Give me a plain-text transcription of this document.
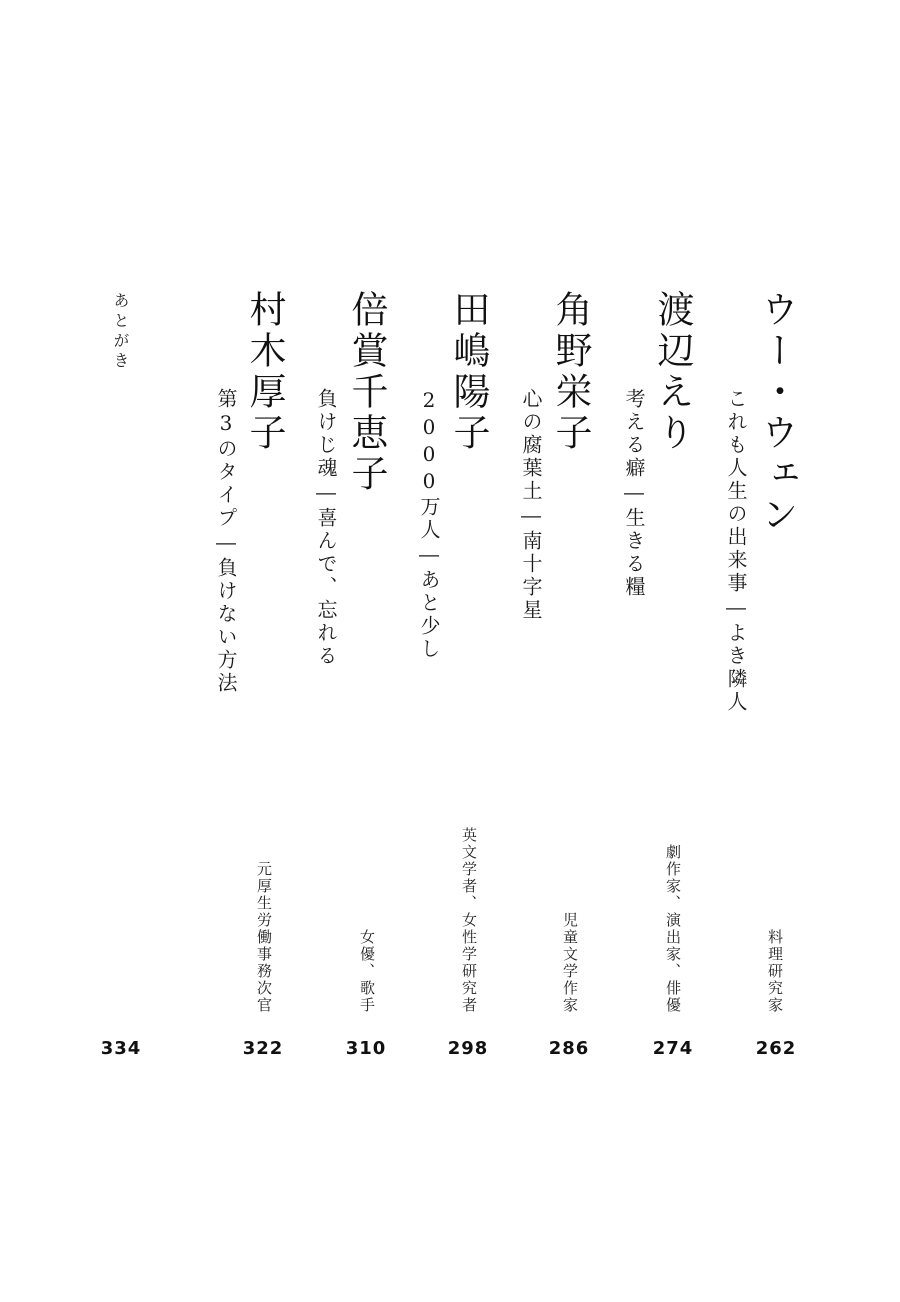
ウー・ウェン
これも人生の出来事―よき隣人
料理研究家
262
渡辺えり
考える癖―生きる糧
劇作家、演出家、俳優
274
角野栄子
心の腐葉土―南十字星
児童文学作家
286
田嶋陽子
2000万人―あと少し
英文学者、女性学研究者
298
倍賞千恵子
負けじ魂―喜んで、忘れる
女優、歌手
310
村木厚子
第3のタイプ―負けない方法
元厚生労働事務次官
322
あとがき
334
